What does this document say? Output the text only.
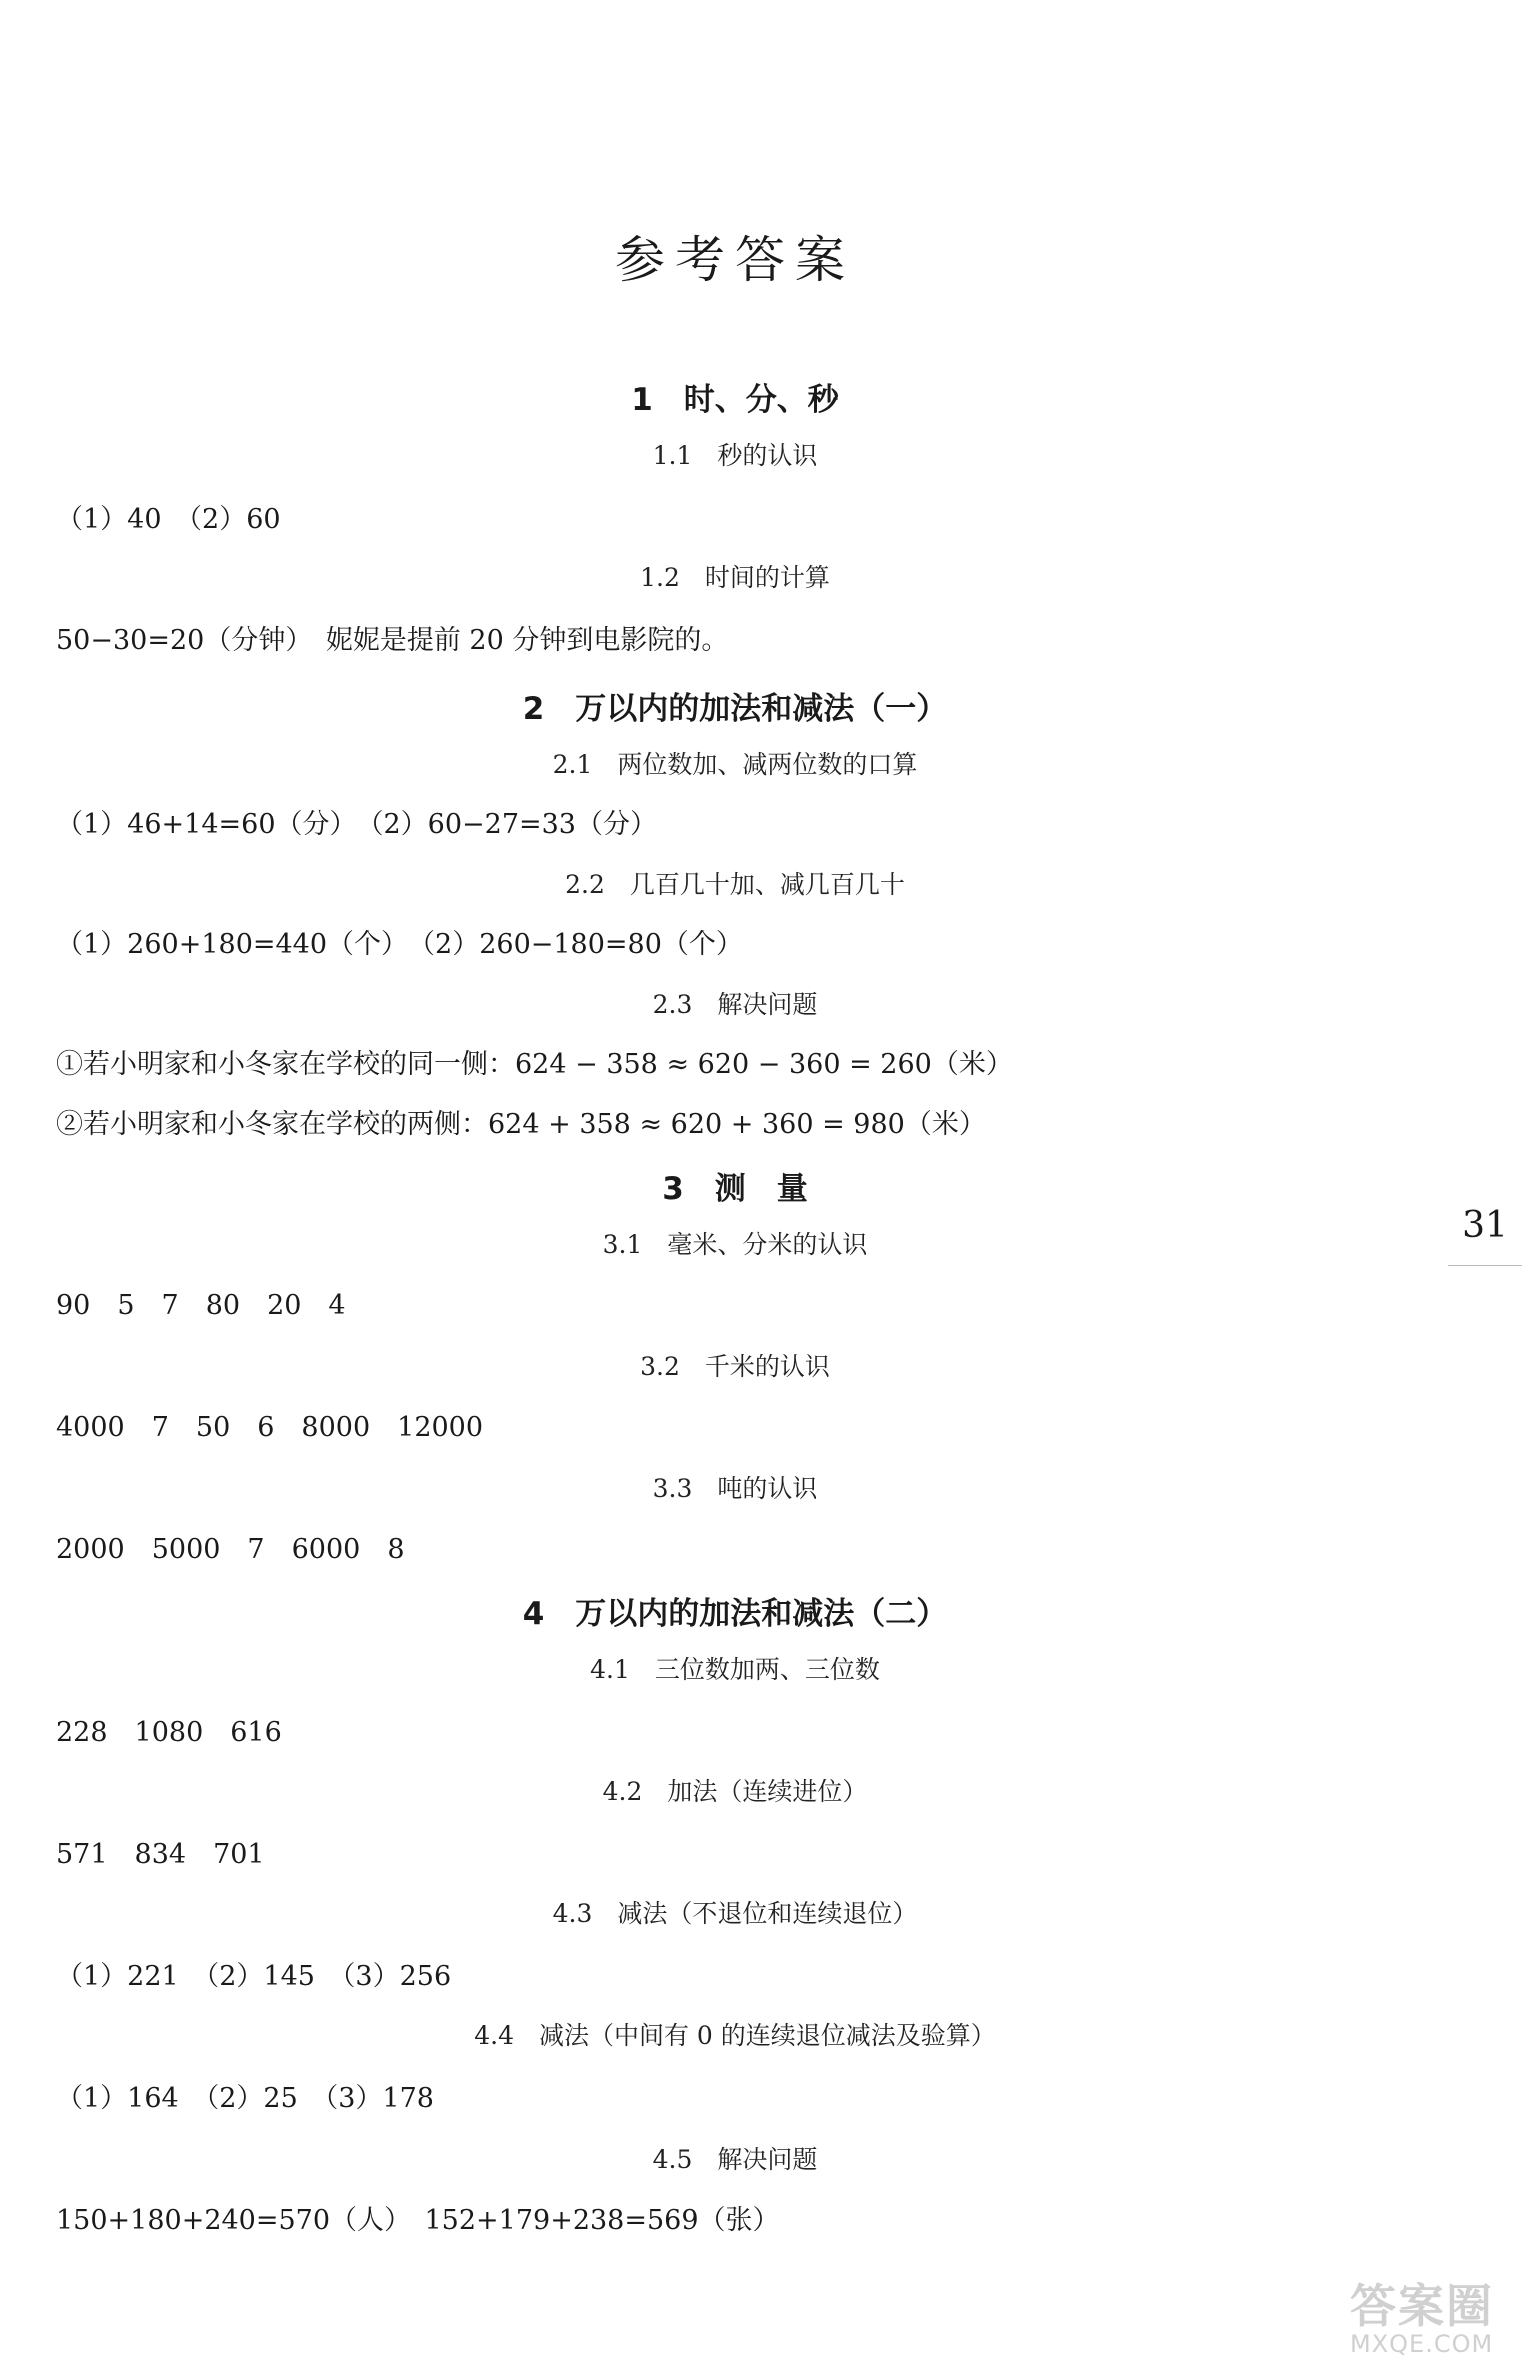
参考答案
1　时、分、秒
1.1　秒的认识
（1）40　（2）60
1.2　时间的计算
50−30=20（分钟）　妮妮是提前 20 分钟到电影院的。
2　万以内的加法和减法（一）
2.1　两位数加、减两位数的口算
（1）46+14=60（分）　（2）60−27=33（分）
2.2　几百几十加、减几百几十
（1）260+180=440（个）　（2）260−180=80（个）
2.3　解决问题
①若小明家和小冬家在学校的同一侧：624 − 358 ≈ 620 − 360 = 260（米）
②若小明家和小冬家在学校的两侧：624 + 358 ≈ 620 + 360 = 980（米）
3　测　量
3.1　毫米、分米的认识
90　5　7　80　20　4
3.2　千米的认识
4000　7　50　6　8000　12000
3.3　吨的认识
2000　5000　7　6000　8
4　万以内的加法和减法（二）
4.1　三位数加两、三位数
228　1080　616
4.2　加法（连续进位）
571　834　701
4.3　减法（不退位和连续退位）
（1）221　（2）145　（3）256
4.4　减法（中间有 0 的连续退位减法及验算）
（1）164　（2）25　（3）178
4.5　解决问题
150+180+240=570（人）　152+179+238=569（张）
31
答案圈
MXQE.COM
